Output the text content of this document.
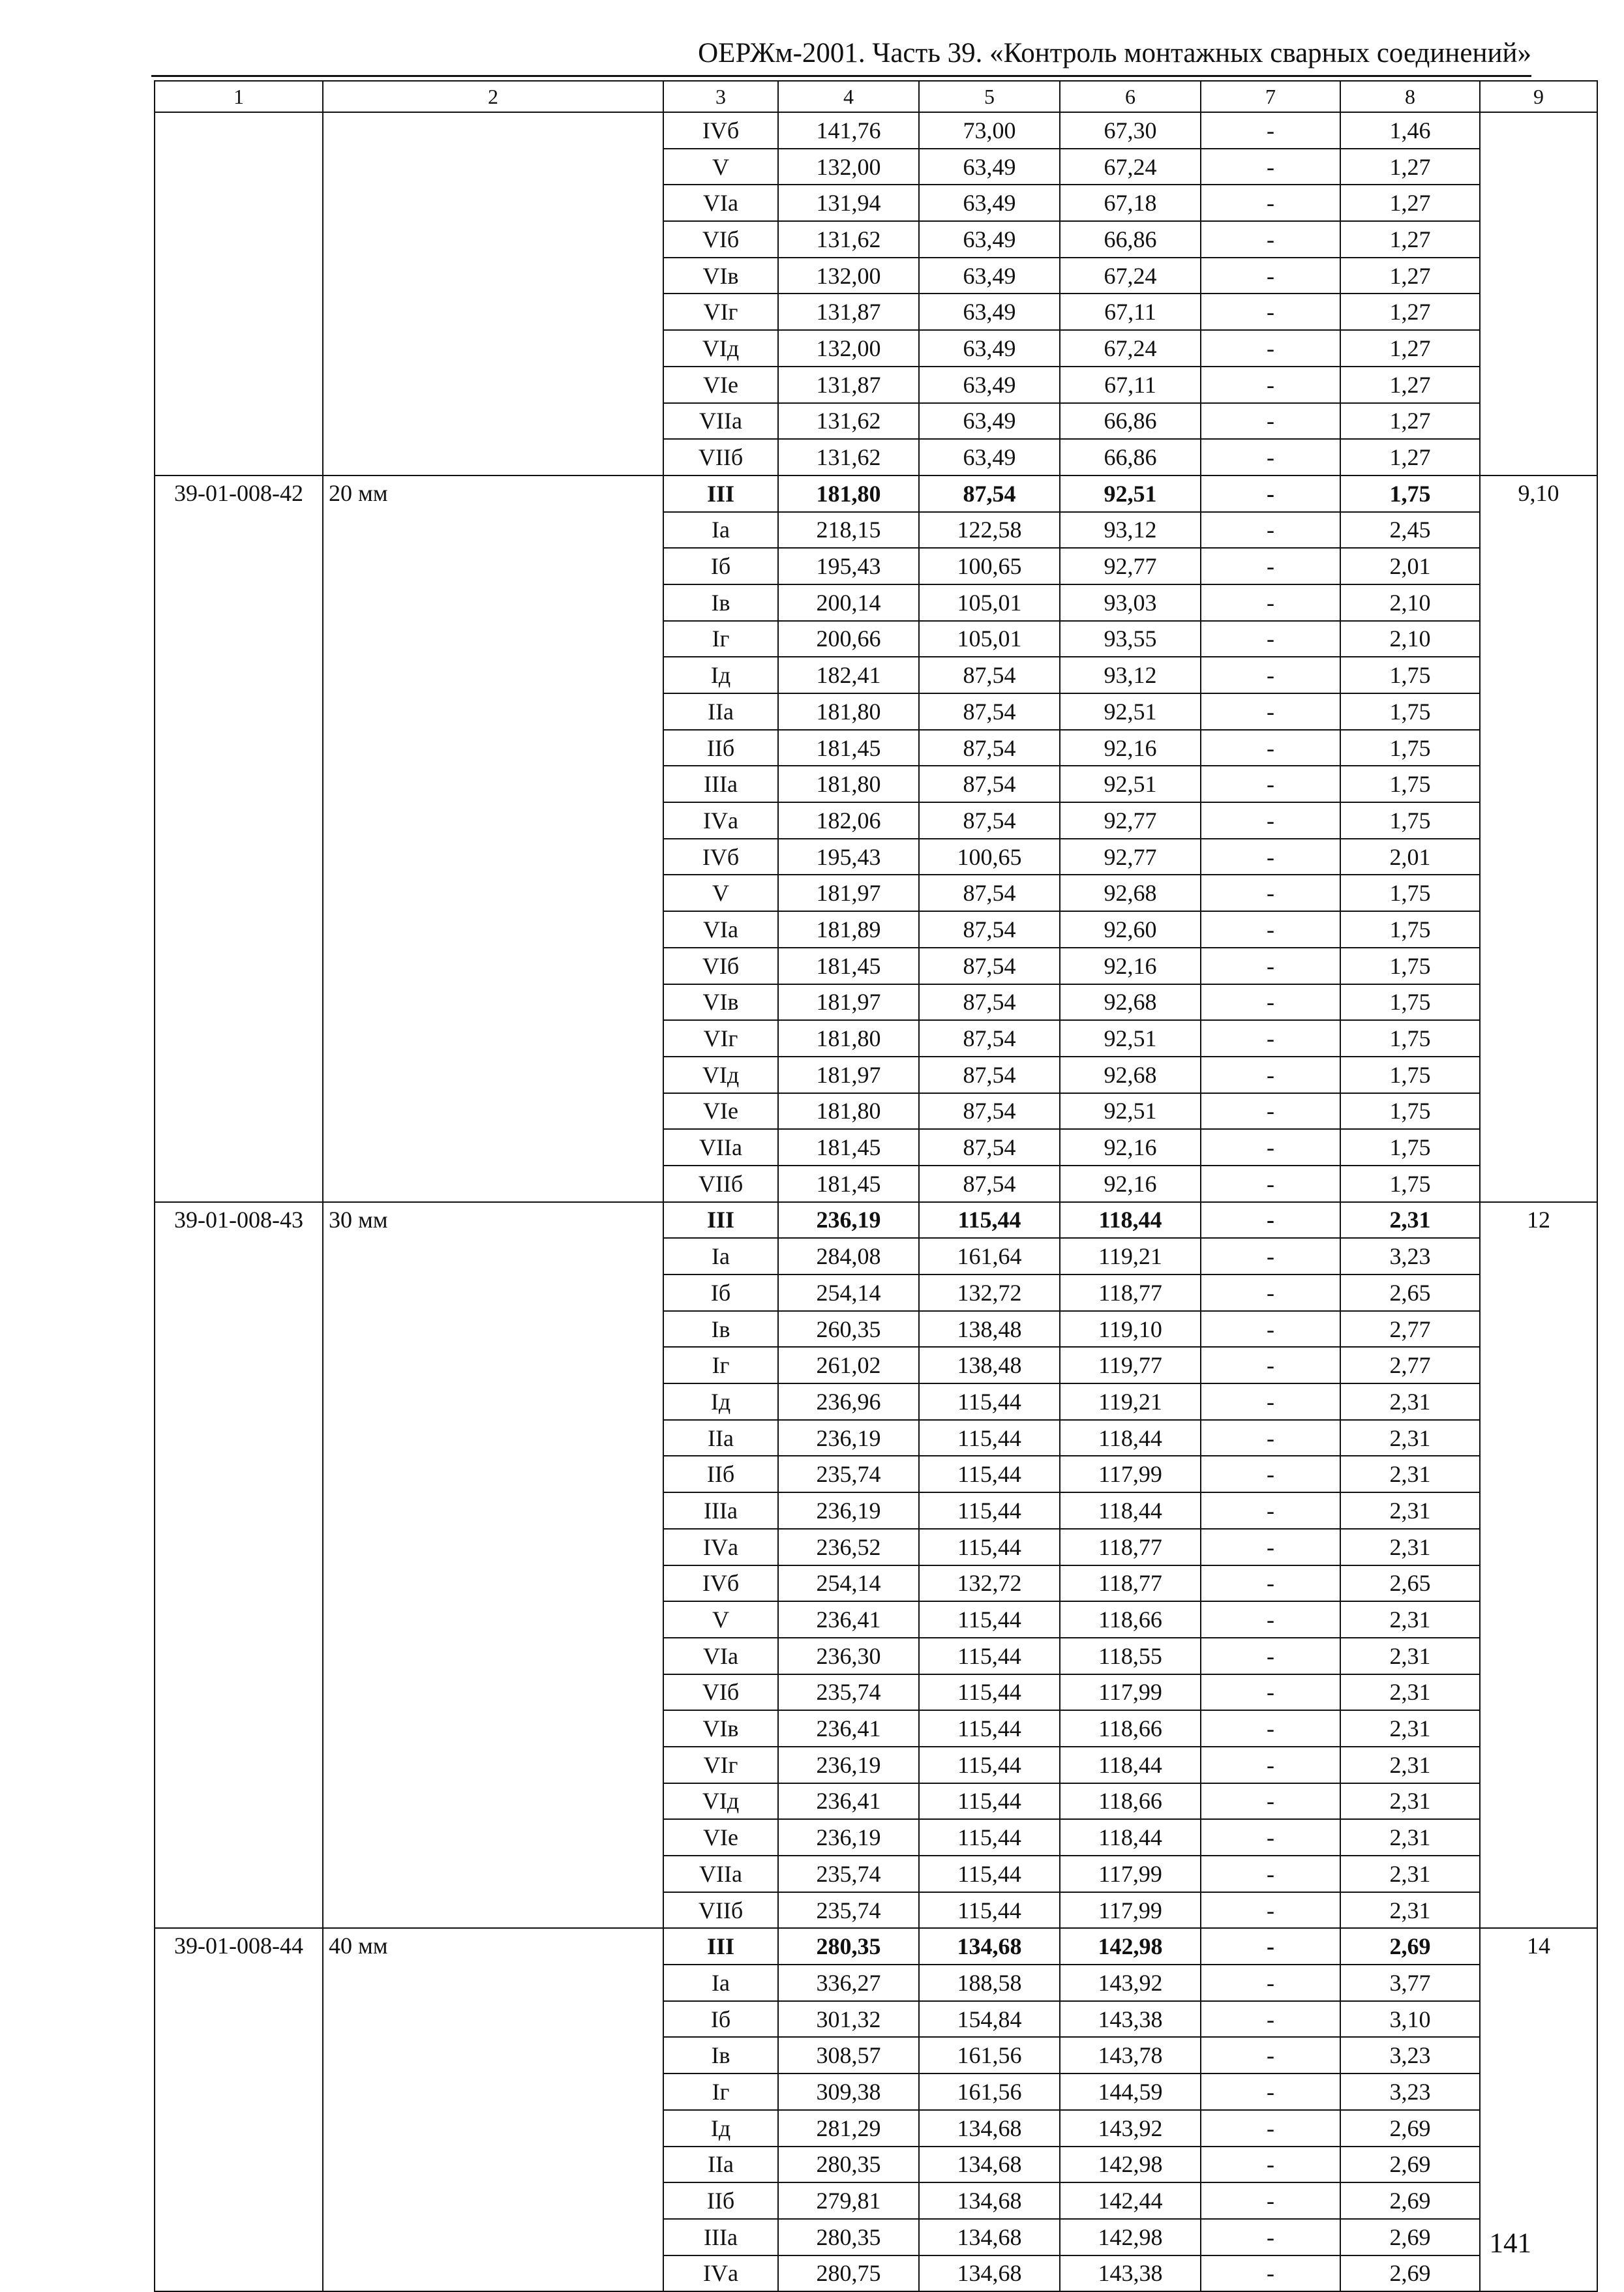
ОЕРЖм-2001. Часть 39. «Контроль монтажных сварных соединений»
1	2	3	4	5	6	7	8	9
		IVб	141,76	73,00	67,30	-	1,46	
		V	132,00	63,49	67,24	-	1,27	
		VIа	131,94	63,49	67,18	-	1,27	
		VIб	131,62	63,49	66,86	-	1,27	
		VIв	132,00	63,49	67,24	-	1,27	
		VIг	131,87	63,49	67,11	-	1,27	
		VIд	132,00	63,49	67,24	-	1,27	
		VIе	131,87	63,49	67,11	-	1,27	
		VIIа	131,62	63,49	66,86	-	1,27	
		VIIб	131,62	63,49	66,86	-	1,27	
39-01-008-42	20 мм	III	181,80	87,54	92,51	-	1,75	9,10
		Iа	218,15	122,58	93,12	-	2,45	
		Iб	195,43	100,65	92,77	-	2,01	
		Iв	200,14	105,01	93,03	-	2,10	
		Iг	200,66	105,01	93,55	-	2,10	
		Iд	182,41	87,54	93,12	-	1,75	
		IIа	181,80	87,54	92,51	-	1,75	
		IIб	181,45	87,54	92,16	-	1,75	
		IIIа	181,80	87,54	92,51	-	1,75	
		IVа	182,06	87,54	92,77	-	1,75	
		IVб	195,43	100,65	92,77	-	2,01	
		V	181,97	87,54	92,68	-	1,75	
		VIа	181,89	87,54	92,60	-	1,75	
		VIб	181,45	87,54	92,16	-	1,75	
		VIв	181,97	87,54	92,68	-	1,75	
		VIг	181,80	87,54	92,51	-	1,75	
		VIд	181,97	87,54	92,68	-	1,75	
		VIе	181,80	87,54	92,51	-	1,75	
		VIIа	181,45	87,54	92,16	-	1,75	
		VIIб	181,45	87,54	92,16	-	1,75	
39-01-008-43	30 мм	III	236,19	115,44	118,44	-	2,31	12
		Iа	284,08	161,64	119,21	-	3,23	
		Iб	254,14	132,72	118,77	-	2,65	
		Iв	260,35	138,48	119,10	-	2,77	
		Iг	261,02	138,48	119,77	-	2,77	
		Iд	236,96	115,44	119,21	-	2,31	
		IIа	236,19	115,44	118,44	-	2,31	
		IIб	235,74	115,44	117,99	-	2,31	
		IIIа	236,19	115,44	118,44	-	2,31	
		IVа	236,52	115,44	118,77	-	2,31	
		IVб	254,14	132,72	118,77	-	2,65	
		V	236,41	115,44	118,66	-	2,31	
		VIа	236,30	115,44	118,55	-	2,31	
		VIб	235,74	115,44	117,99	-	2,31	
		VIв	236,41	115,44	118,66	-	2,31	
		VIг	236,19	115,44	118,44	-	2,31	
		VIд	236,41	115,44	118,66	-	2,31	
		VIе	236,19	115,44	118,44	-	2,31	
		VIIа	235,74	115,44	117,99	-	2,31	
		VIIб	235,74	115,44	117,99	-	2,31	
39-01-008-44	40 мм	III	280,35	134,68	142,98	-	2,69	14
		Iа	336,27	188,58	143,92	-	3,77	
		Iб	301,32	154,84	143,38	-	3,10	
		Iв	308,57	161,56	143,78	-	3,23	
		Iг	309,38	161,56	144,59	-	3,23	
		Iд	281,29	134,68	143,92	-	2,69	
		IIа	280,35	134,68	142,98	-	2,69	
		IIб	279,81	134,68	142,44	-	2,69	
		IIIа	280,35	134,68	142,98	-	2,69	
		IVа	280,75	134,68	143,38	-	2,69	
141
